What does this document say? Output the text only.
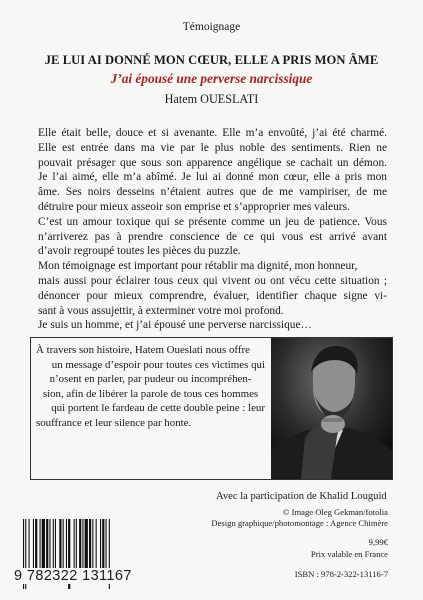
Témoignage
JE LUI AI DONNÉ MON CŒUR, ELLE A PRIS MON ÂME
J’ai épousé une perverse narcissique
Hatem OUESLATI
Elle était belle, douce et si avenante. Elle m’a envoûté, j’ai été charmé.
Elle est entrée dans ma vie par le plus noble des sentiments. Rien ne
pouvait présager que sous son apparence angélique se cachait un démon.
Je l’ai aimé, elle m’a abîmé. Je lui ai donné mon cœur, elle a pris mon
âme. Ses noirs desseins n’étaient autres que de me vampiriser, de me
détruire pour mieux asseoir son emprise et s’approprier mes valeurs.
C’est un amour toxique qui se présente comme un jeu de patience. Vous
n’arriverez pas à prendre conscience de ce qui vous est arrivé avant
d’avoir regroupé toutes les pièces du puzzle.
Mon témoignage est important pour rétablir ma dignité, mon honneur,
mais aussi pour éclairer tous ceux qui vivent ou ont vécu cette situation ;
dénoncer pour mieux comprendre, évaluer, identifier chaque signe vi-
sant à vous assujettir, à exterminer votre moi profond.
Je suis un homme, et j’ai épousé une perverse narcissique…
À travers son histoire, Hatem Oueslati nous offre
un message d’espoir pour toutes ces victimes qui
n’osent en parler, par pudeur ou incompréhen-
sion, afin de libérer la parole de tous ces hommes
qui portent le fardeau de cette double peine : leur
souffrance et leur silence par honte.
Avec la participation de Khalid Louguid
© Image Oleg Gekman/fotolia
Design graphique/photomontage : Agence Chimère
9,99€
Prix valable en France
ISBN : 978-2-322-13116-7
9 782322 131167
